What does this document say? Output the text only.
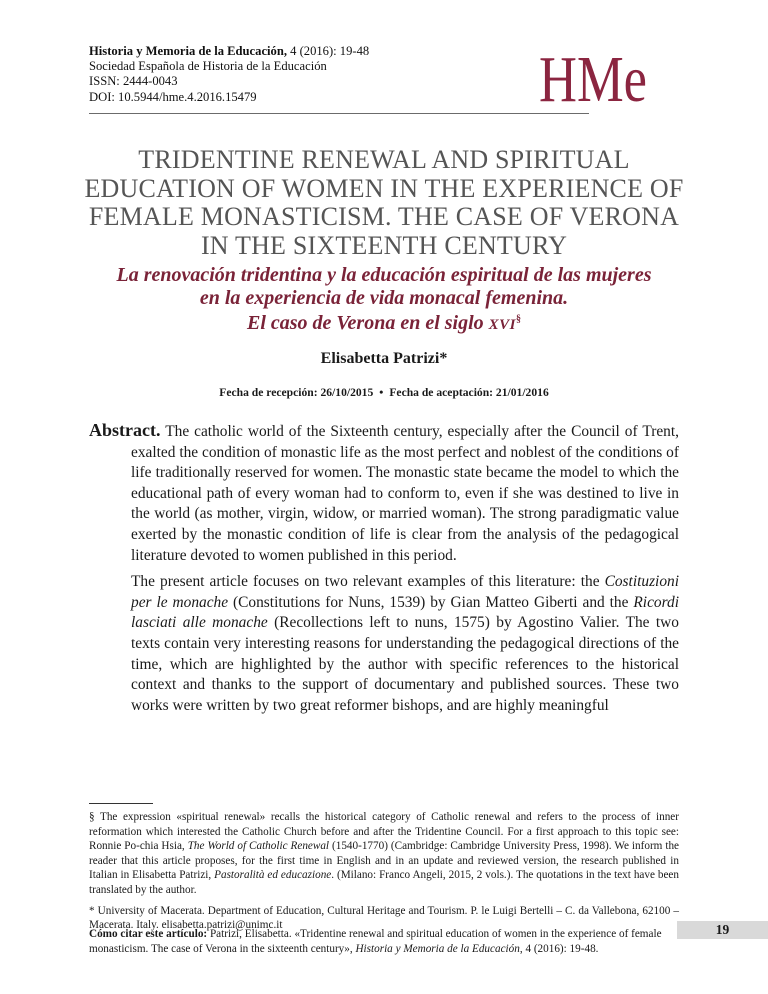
Historia y Memoria de la Educación, 4 (2016): 19-48
Sociedad Española de Historia de la Educación
ISSN: 2444-0043
DOI: 10.5944/hme.4.2016.15479	HMe
TRIDENTINE RENEWAL AND SPIRITUAL
EDUCATION OF WOMEN IN THE EXPERIENCE OF
FEMALE MONASTICISM. THE CASE OF VERONA
IN THE SIXTEENTH CENTURY
La renovación tridentina y la educación espiritual de las mujeres
en la experiencia de vida monacal femenina.
El caso de Verona en el siglo XVI§
Elisabetta Patrizi*
Fecha de recepción: 26/10/2015 • Fecha de aceptación: 21/01/2016

Abstract. The catholic world of the Sixteenth century, especially after the Council of Trent, exalted the condition of monastic life as the most perfect and noblest of the conditions of life traditionally reserved for women. The monastic state became the model to which the educational path of every woman had to conform to, even if she was destined to live in the world (as mother, virgin, widow, or married woman). The strong paradigmatic value exerted by the monastic condition of life is clear from the analysis of the pedagogical literature devoted to women published in this period.

The present article focuses on two relevant examples of this literature: the Costituzioni per le monache (Constitutions for Nuns, 1539) by Gian Matteo Giberti and the Ricordi lasciati alle monache (Recollections left to nuns, 1575) by Agostino Valier. The two texts contain very interesting reasons for understanding the pedagogical directions of the time, which are highlighted by the author with specific references to the historical context and thanks to the support of documentary and published sources. These two works were written by two great reformer bishops, and are highly meaningful

§ The expression «spiritual renewal» recalls the historical category of Catholic renewal and refers to the process of inner reformation which interested the Catholic Church before and after the Tridentine Council. For a first approach to this topic see: Ronnie Po-chia Hsia, The World of Catholic Renewal (1540-1770) (Cambridge: Cambridge University Press, 1998). We inform the reader that this article proposes, for the first time in English and in an update and reviewed version, the research published in Italian in Elisabetta Patrizi, Pastoralità ed educazione. (Milano: Franco Angeli, 2015, 2 vols.). The quotations in the text have been translated by the author.

* University of Macerata. Department of Education, Cultural Heritage and Tourism. P. le Luigi Bertelli – C. da Vallebona, 62100 – Macerata. Italy. elisabetta.patrizi@unimc.it

Cómo citar este artículo: Patrizi, Elisabetta. «Tridentine renewal and spiritual education of women in the experience of female monasticism. The case of Verona in the sixteenth century», Historia y Memoria de la Educación, 4 (2016): 19-48.
19
